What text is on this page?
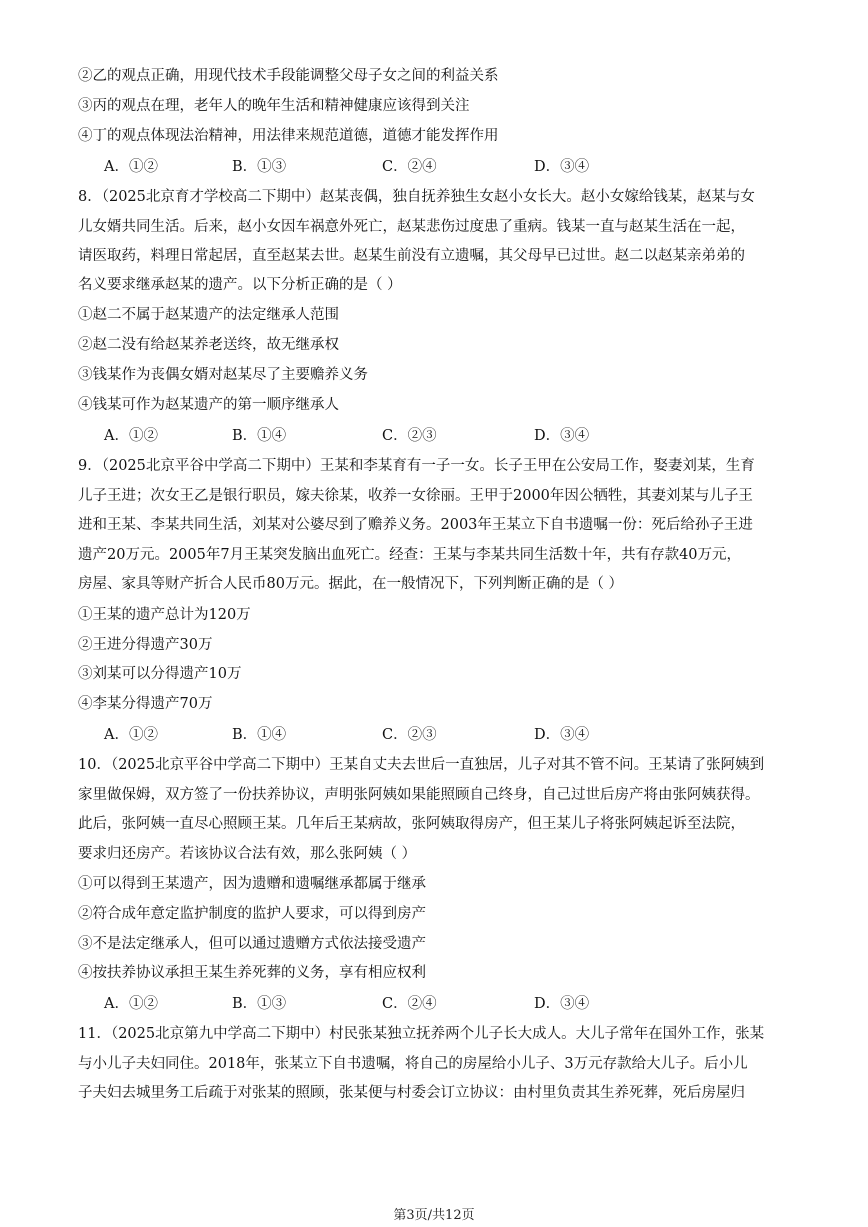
②乙的观点正确，用现代技术手段能调整父母子女之间的利益关系
③丙的观点在理，老年人的晚年生活和精神健康应该得到关注
④丁的观点体现法治精神，用法律来规范道德，道德才能发挥作用
A．①②	B．①③	C．②④	D．③④
8．（2025北京育才学校高二下期中）赵某丧偶，独自抚养独生女赵小女长大。赵小女嫁给钱某，赵某与女
儿女婿共同生活。后来，赵小女因车祸意外死亡，赵某悲伤过度患了重病。钱某一直与赵某生活在一起，
请医取药，料理日常起居，直至赵某去世。赵某生前没有立遗嘱，其父母早已过世。赵二以赵某亲弟弟的
名义要求继承赵某的遗产。以下分析正确的是（ ）
①赵二不属于赵某遗产的法定继承人范围
②赵二没有给赵某养老送终，故无继承权
③钱某作为丧偶女婿对赵某尽了主要赡养义务
④钱某可作为赵某遗产的第一顺序继承人
A．①②	B．①④	C．②③	D．③④
9．（2025北京平谷中学高二下期中）王某和李某育有一子一女。长子王甲在公安局工作，娶妻刘某，生育
儿子王进；次女王乙是银行职员，嫁夫徐某，收养一女徐丽。王甲于2000年因公牺牲，其妻刘某与儿子王
进和王某、李某共同生活，刘某对公婆尽到了赡养义务。2003年王某立下自书遗嘱一份：死后给孙子王进
遗产20万元。2005年7月王某突发脑出血死亡。经查：王某与李某共同生活数十年，共有存款40万元，
房屋、家具等财产折合人民币80万元。据此，在一般情况下，下列判断正确的是（ ）
①王某的遗产总计为120万
②王进分得遗产30万
③刘某可以分得遗产10万
④李某分得遗产70万
A．①②	B．①④	C．②③	D．③④
10．（2025北京平谷中学高二下期中）王某自丈夫去世后一直独居，儿子对其不管不问。王某请了张阿姨到
家里做保姆，双方签了一份扶养协议，声明张阿姨如果能照顾自己终身，自己过世后房产将由张阿姨获得。
此后，张阿姨一直尽心照顾王某。几年后王某病故，张阿姨取得房产，但王某儿子将张阿姨起诉至法院，
要求归还房产。若该协议合法有效，那么张阿姨（ ）
①可以得到王某遗产，因为遗赠和遗嘱继承都属于继承
②符合成年意定监护制度的监护人要求，可以得到房产
③不是法定继承人，但可以通过遗赠方式依法接受遗产
④按扶养协议承担王某生养死葬的义务，享有相应权利
A．①②	B．①③	C．②④	D．③④
11．（2025北京第九中学高二下期中）村民张某独立抚养两个儿子长大成人。大儿子常年在国外工作，张某
与小儿子夫妇同住。2018年，张某立下自书遗嘱，将自己的房屋给小儿子、3万元存款给大儿子。后小儿
子夫妇去城里务工后疏于对张某的照顾，张某便与村委会订立协议：由村里负责其生养死葬，死后房屋归
第3页/共12页
